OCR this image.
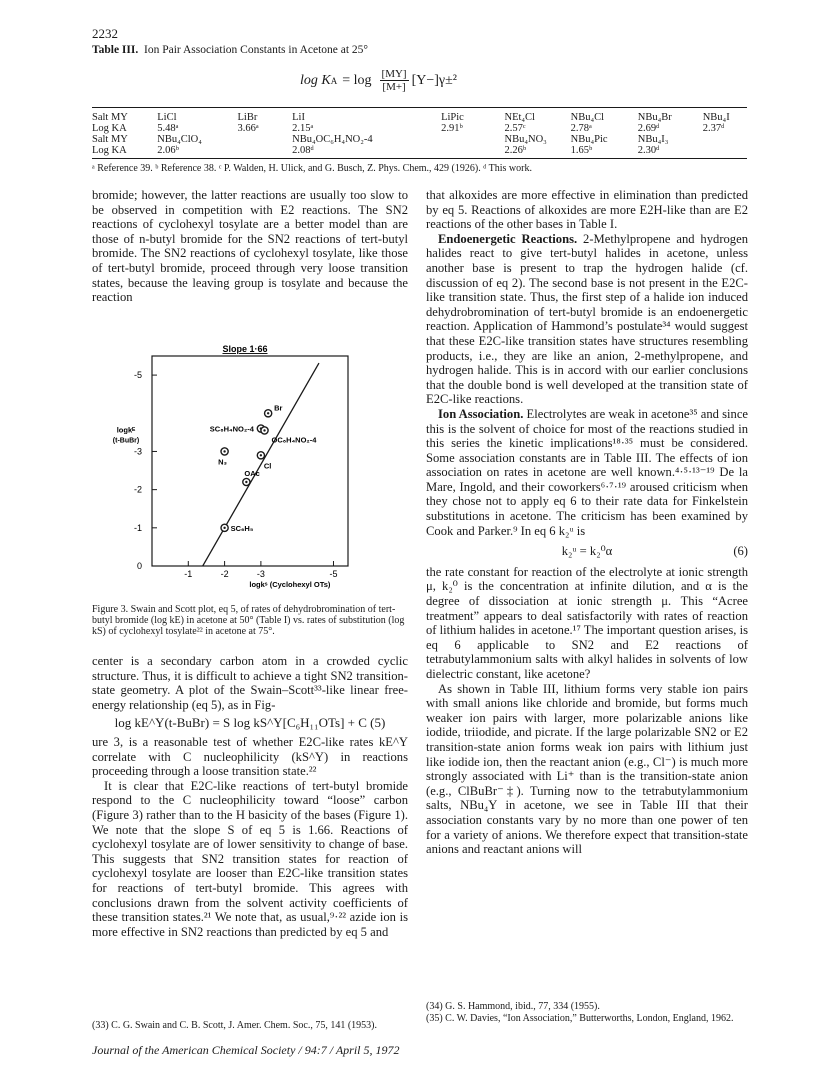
2232
Table III. Ion Pair Association Constants in Acetone at 25°
log K $A = \log \frac{[MY]}{[M+]} [Y-]\gamma\pm^2$
Salt MY	LiCl	LiBr	LiI	LiPic	NEt₄Cl	NBu₄Cl	NBu₄Br	NBu₄I
Log KA	5.48ᵃ	3.66ᵃ	2.15ᵃ	2.91ᵇ	2.57ᶜ	2.78ᵃ	2.69ᵈ	2.37ᵈ
Salt MY	NBu₄ClO₄		NBu₄OC₆H₄NO₂-4		NBu₄NO₃	NBu₄Pic	NBu₄I₃	
Log KA	2.06ᵇ		2.08ᵈ		2.26ᵇ	1.65ᵇ	2.30ᵈ	
ᵃ Reference 39. ᵇ Reference 38. ᶜ P. Walden, H. Ulick, and G. Busch, Z. Phys. Chem., 429 (1926). ᵈ This work.

bromide; however, the latter reactions are usually too slow to be observed in competition with E2 reactions. The SN2 reactions of cyclohexyl tosylate are a better model than are those of n-butyl bromide for the SN2 reactions of tert-butyl bromide. The SN2 reactions of cyclohexyl tosylate, like those of tert-butyl bromide, proceed through very loose transition states, because the leaving group is tosylate and because the reaction

Slope 1·66
0
-1
-2
-3
-5
logkᴱ
(t-BuBr)
-1	-2	-3	-5
logkˢ (Cyclohexyl OTs)
SC₆H₅
OAc
Cl
N₃
SC₆H₄NO₂-4
OC₆H₄NO₂-4
Br
Figure 3. Swain and Scott plot, eq 5, of rates of dehydrobromination of tert-butyl bromide (log kE) in acetone at 50° (Table I) vs. rates of substitution (log kS) of cyclohexyl tosylate²² in acetone at 75°.

center is a secondary carbon atom in a crowded cyclic structure. Thus, it is difficult to achieve a tight SN2 transition-state geometry. A plot of the Swain–Scott³³-like linear free-energy relationship (eq 5), as in Fig-

log kE^Y(t-BuBr) = S log kS^Y[C₆H₁₁OTs] + C (5)

ure 3, is a reasonable test of whether E2C-like rates kE^Y correlate with C nucleophilicity (kS^Y) in reactions proceeding through a loose transition state.²²

It is clear that E2C-like reactions of tert-butyl bromide respond to the C nucleophilicity toward “loose” carbon (Figure 3) rather than to the H basicity of the bases (Figure 1). We note that the slope S of eq 5 is 1.66. Reactions of cyclohexyl tosylate are of lower sensitivity to change of base. This suggests that SN2 transition states for reaction of cyclohexyl tosylate are looser than E2C-like transition states for reactions of tert-butyl bromide. This agrees with conclusions drawn from the solvent activity coefficients of these transition states.²¹ We note that, as usual,⁹·²² azide ion is more effective in SN2 reactions than predicted by eq 5 and

(33) C. G. Swain and C. B. Scott, J. Amer. Chem. Soc., 75, 141 (1953).

that alkoxides are more effective in elimination than predicted by eq 5. Reactions of alkoxides are more E2H-like than are E2 reactions of the other bases in Table I.

Endoenergetic Reactions. 2-Methylpropene and hydrogen halides react to give tert-butyl halides in acetone, unless another base is present to trap the hydrogen halide (cf. discussion of eq 2). The second base is not present in the E2C-like transition state. Thus, the first step of a halide ion induced dehydrobromination of tert-butyl bromide is an endoenergetic reaction. Application of Hammond’s postulate³⁴ would suggest that these E2C-like transition states have structures resembling products, i.e., they are like an anion, 2-methylpropene, and hydrogen halide. This is in accord with our earlier conclusions that the double bond is well developed at the transition state of E2C-like reactions.

Ion Association. Electrolytes are weak in acetone³⁵ and since this is the solvent of choice for most of the reactions studied in this series the kinetic implications¹⁸·³⁵ must be considered. Some association constants are in Table III. The effects of ion association on rates in acetone are well known.⁴·⁵·¹³⁻¹⁹ De la Mare, Ingold, and their coworkers⁶·⁷·¹⁹ aroused criticism when they chose not to apply eq 6 to their rate data for Finkelstein substitutions in acetone. The criticism has been examined by Cook and Parker.⁹ In eq 6 k₂ᵘ is

k₂ᵘ = k₂⁰α	(6)

the rate constant for reaction of the electrolyte at ionic strength μ, k₂⁰ is the concentration at infinite dilution, and α is the degree of dissociation at ionic strength μ. This “Acree treatment” appears to deal satisfactorily with rates of reaction of lithium halides in acetone.¹⁷ The important question arises, is eq 6 applicable to SN2 and E2 reactions of tetrabutylammonium salts with alkyl halides in solvents of low dielectric constant, like acetone?

As shown in Table III, lithium forms very stable ion pairs with small anions like chloride and bromide, but forms much weaker ion pairs with larger, more polarizable anions like iodide, triiodide, and picrate. If the large polarizable SN2 or E2 transition-state anion forms weak ion pairs with lithium just like iodide ion, then the reactant anion (e.g., Cl⁻) is much more strongly associated with Li⁺ than is the transition-state anion (e.g., ClBuBr⁻‡). Turning now to the tetrabutylammonium salts, NBu₄Y in acetone, we see in Table III that their association constants vary by no more than one power of ten for a variety of anions. We therefore expect that transition-state anions and reactant anions will

(34) G. S. Hammond, ibid., 77, 334 (1955).
(35) C. W. Davies, “Ion Association,” Butterworths, London, England, 1962.
Journal of the American Chemical Society / 94:7 / April 5, 1972
